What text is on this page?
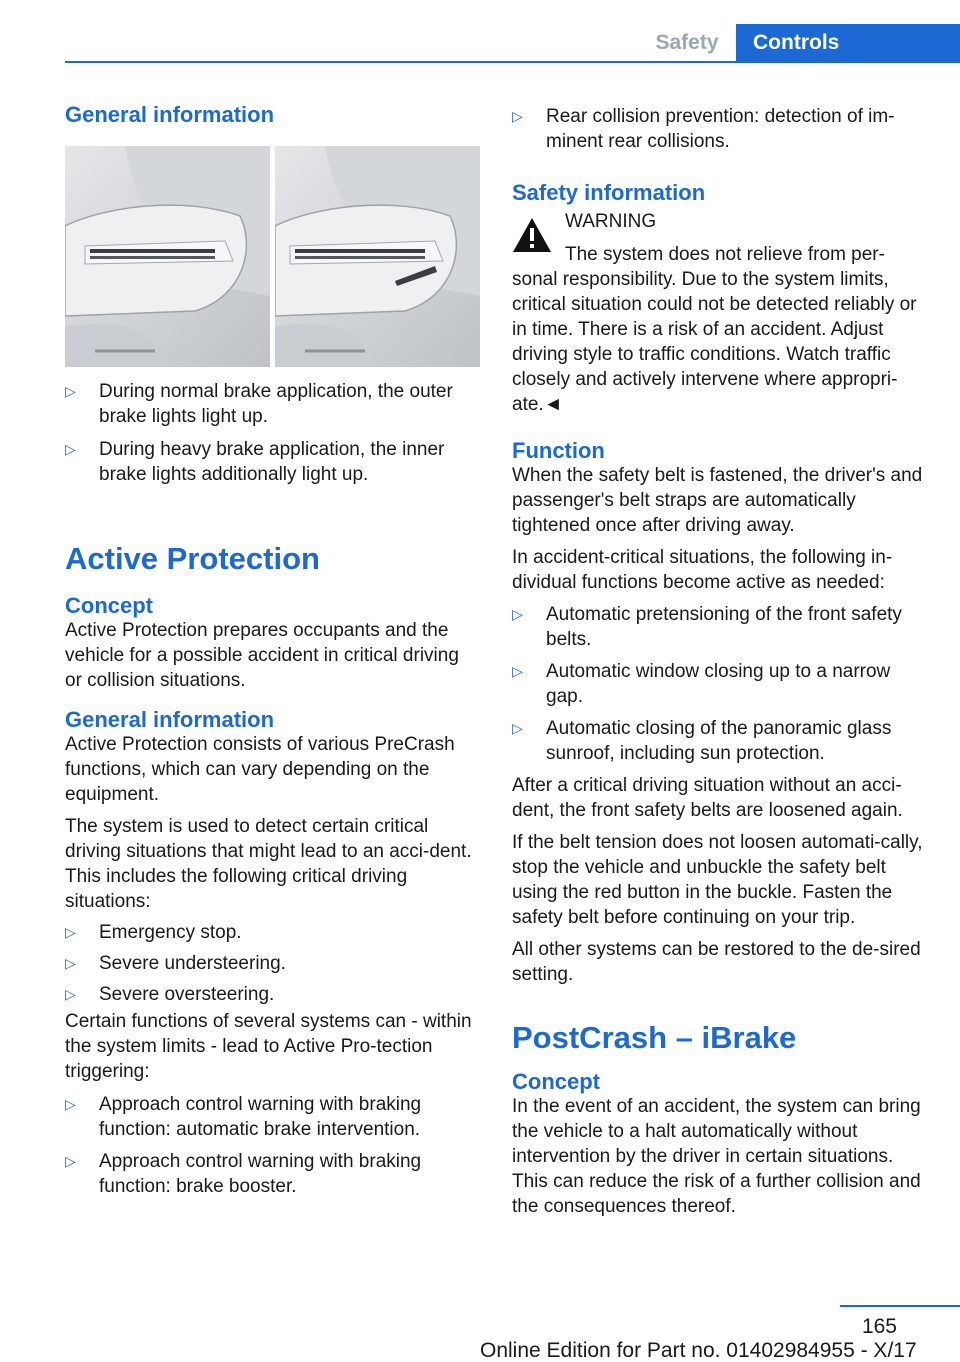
Safety	Controls
General information
▷	During normal brake application, the outer brake lights light up.
▷	During heavy brake application, the inner brake lights additionally light up.
Active Protection
Concept
Active Protection prepares occupants and the vehicle for a possible accident in critical driving or collision situations.
General information
Active Protection consists of various PreCrash functions, which can vary depending on the equipment.
The system is used to detect certain critical driving situations that might lead to an acci‐dent. This includes the following critical driving situations:
▷	Emergency stop.
▷	Severe understeering.
▷	Severe oversteering.
Certain functions of several systems can - within the system limits - lead to Active Pro‐tection triggering:
▷	Approach control warning with braking function: automatic brake intervention.
▷	Approach control warning with braking function: brake booster.
▷	Rear collision prevention: detection of im‐minent rear collisions.
Safety information
WARNING
The system does not relieve from per‐
sonal responsibility. Due to the system limits, critical situation could not be detected reliably or in time. There is a risk of an accident. Adjust driving style to traffic conditions. Watch traffic closely and actively intervene where appropri‐ate.◄
Function
When the safety belt is fastened, the driver's and passenger's belt straps are automatically tightened once after driving away.
In accident-critical situations, the following in‐dividual functions become active as needed:
▷	Automatic pretensioning of the front safety belts.
▷	Automatic window closing up to a narrow gap.
▷	Automatic closing of the panoramic glass sunroof, including sun protection.
After a critical driving situation without an acci‐dent, the front safety belts are loosened again.
If the belt tension does not loosen automati‐cally, stop the vehicle and unbuckle the safety belt using the red button in the buckle. Fasten the safety belt before continuing on your trip.
All other systems can be restored to the de‐sired setting.
PostCrash – iBrake
Concept
In the event of an accident, the system can bring the vehicle to a halt automatically without intervention by the driver in certain situations. This can reduce the risk of a further collision and the consequences thereof.
165
Online Edition for Part no. 01402984955 - X/17
